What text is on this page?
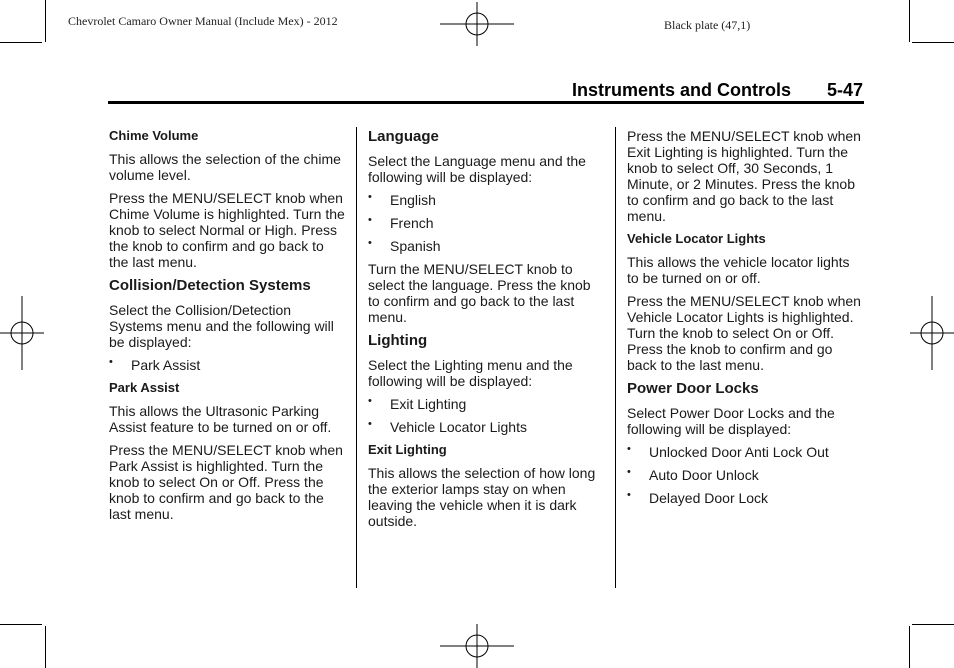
Chevrolet Camaro Owner Manual (Include Mex) - 2012	Black plate (47,1)
Instruments and Controls 5-47
Chime Volume

This allows the selection of the chime volume level.

Press the MENU/SELECT knob when Chime Volume is highlighted. Turn the knob to select Normal or High. Press the knob to confirm and go back to the last menu.

Collision/Detection Systems

Select the Collision/Detection Systems menu and the following will be displayed:

• Park Assist
Park Assist

This allows the Ultrasonic Parking Assist feature to be turned on or off.

Press the MENU/SELECT knob when Park Assist is highlighted. Turn the knob to select On or Off. Press the knob to confirm and go back to the last menu.

Language

Select the Language menu and the following will be displayed:

• English
• French
• Spanish

Turn the MENU/SELECT knob to select the language. Press the knob to confirm and go back to the last menu.

Lighting

Select the Lighting menu and the following will be displayed:

• Exit Lighting
• Vehicle Locator Lights
Exit Lighting

This allows the selection of how long the exterior lamps stay on when leaving the vehicle when it is dark outside.

Press the MENU/SELECT knob when Exit Lighting is highlighted. Turn the knob to select Off, 30 Seconds, 1 Minute, or 2 Minutes. Press the knob to confirm and go back to the last menu.

Vehicle Locator Lights

This allows the vehicle locator lights to be turned on or off.

Press the MENU/SELECT knob when Vehicle Locator Lights is highlighted. Turn the knob to select On or Off. Press the knob to confirm and go back to the last menu.

Power Door Locks

Select Power Door Locks and the following will be displayed:

• Unlocked Door Anti Lock Out
• Auto Door Unlock
• Delayed Door Lock
